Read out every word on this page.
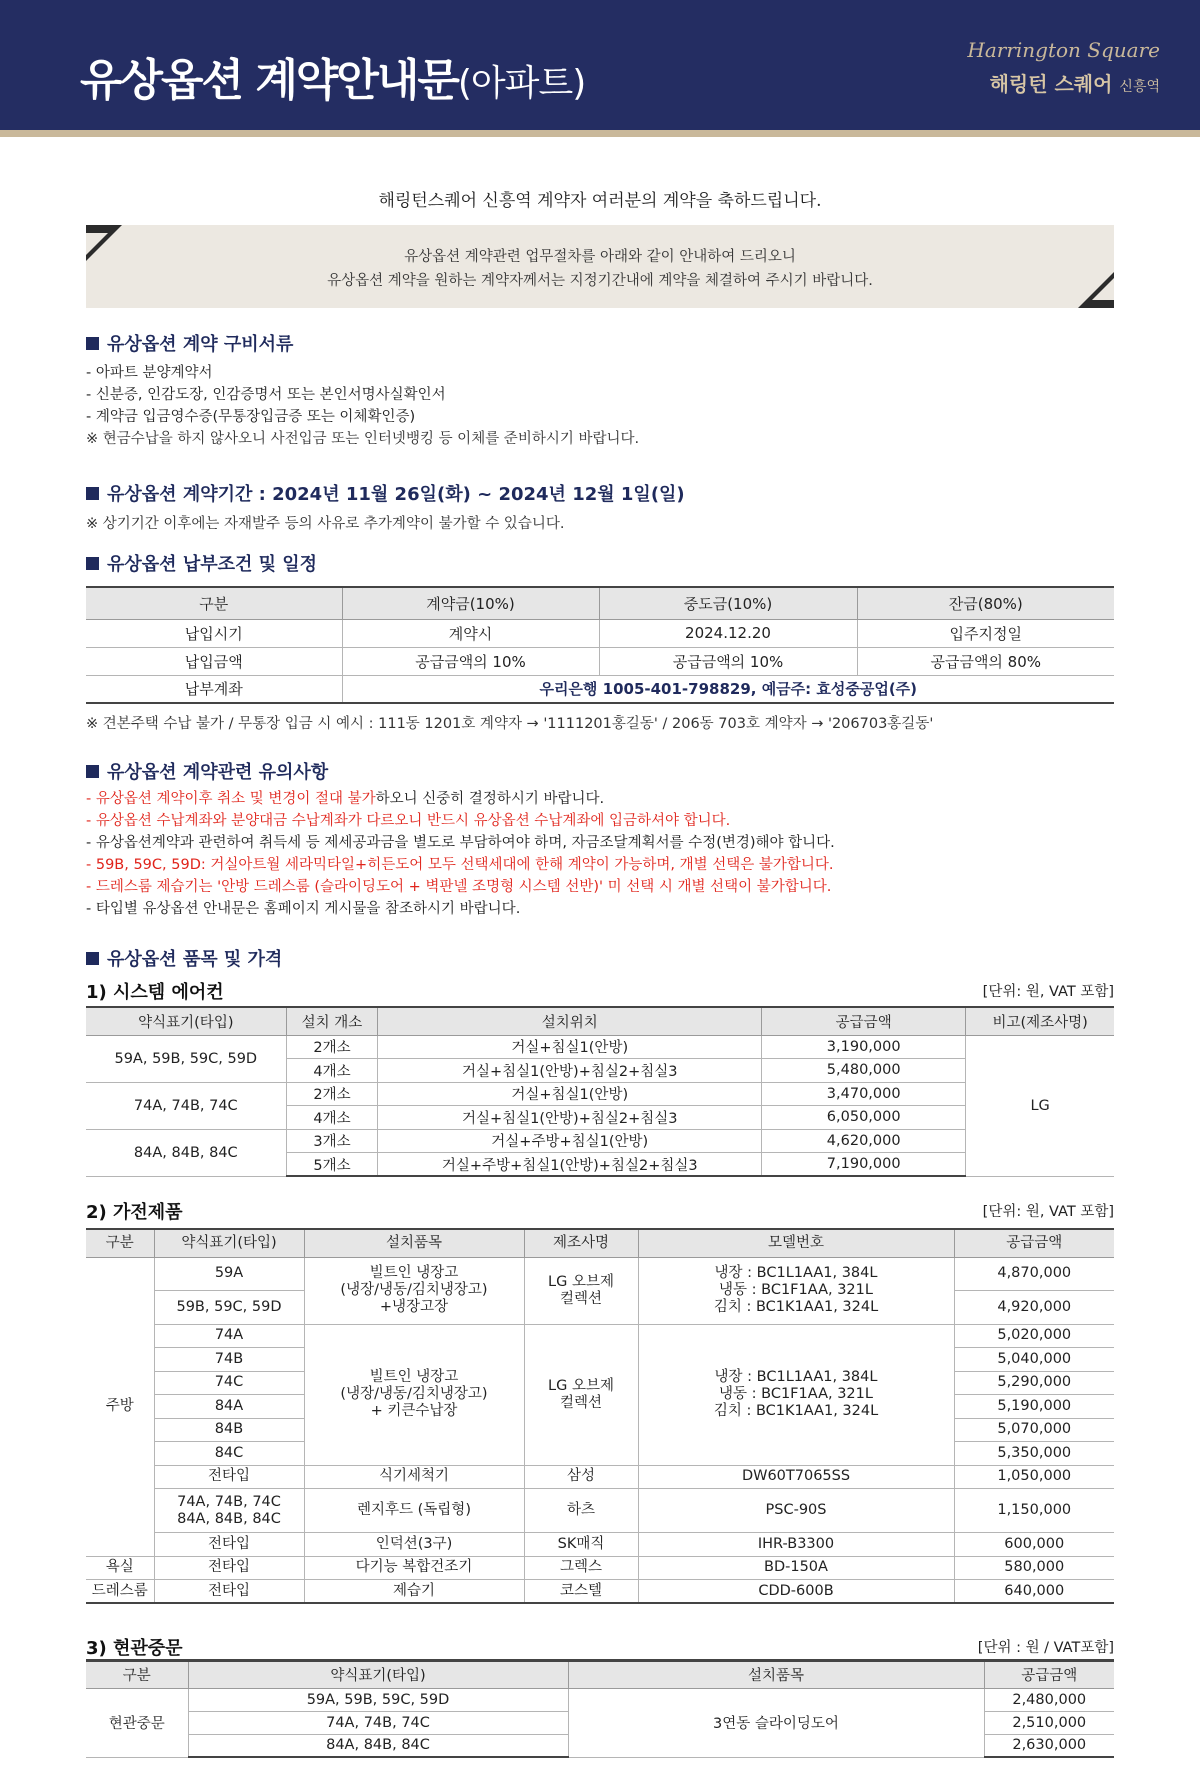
유상옵션 계약안내문(아파트)
Harrington Square
해링턴 스퀘어 신흥역
해링턴스퀘어 신흥역 계약자 여러분의 계약을 축하드립니다.
유상옵션 계약관련 업무절차를 아래와 같이 안내하여 드리오니
유상옵션 계약을 원하는 계약자께서는 지정기간내에 계약을 체결하여 주시기 바랍니다.
유상옵션 계약 구비서류
- 아파트 분양계약서
- 신분증, 인감도장, 인감증명서 또는 본인서명사실확인서
- 계약금 입금영수증(무통장입금증 또는 이체확인증)
※ 현금수납을 하지 않사오니 사전입금 또는 인터넷뱅킹 등 이체를 준비하시기 바랍니다.
유상옵션 계약기간 : 2024년 11월 26일(화) ~ 2024년 12월 1일(일)
※ 상기기간 이후에는 자재발주 등의 사유로 추가계약이 불가할 수 있습니다.
유상옵션 납부조건 및 일정
구분	계약금(10%)	중도금(10%)	잔금(80%)
납입시기	계약시	2024.12.20	입주지정일
납입금액	공급금액의 10%	공급금액의 10%	공급금액의 80%
납부계좌	우리은행 1005-401-798829, 예금주: 효성중공업(주)		
※ 견본주택 수납 불가 / 무통장 입금 시 예시 : 111동 1201호 계약자 → '1111201홍길동' / 206동 703호 계약자 → '206703홍길동'
유상옵션 계약관련 유의사항
- 유상옵션 계약이후 취소 및 변경이 절대 불가하오니 신중히 결정하시기 바랍니다.
- 유상옵션 수납계좌와 분양대금 수납계좌가 다르오니 반드시 유상옵션 수납계좌에 입금하셔야 합니다.
- 유상옵션계약과 관련하여 취득세 등 제세공과금을 별도로 부담하여야 하며, 자금조달계획서를 수정(변경)해야 합니다.
- 59B, 59C, 59D: 거실아트월 세라믹타일+히든도어 모두 선택세대에 한해 계약이 가능하며, 개별 선택은 불가합니다.
- 드레스룸 제습기는 '안방 드레스룸 (슬라이딩도어 + 벽판넬 조명형 시스템 선반)' 미 선택 시 개별 선택이 불가합니다.
- 타입별 유상옵션 안내문은 홈페이지 게시물을 참조하시기 바랍니다.
유상옵션 품목 및 가격
1) 시스템 에어컨	[단위: 원, VAT 포함]
약식표기(타입)	설치 개소	설치위치	공급금액	비고(제조사명)
59A, 59B, 59C, 59D	2개소	거실+침실1(안방)	3,190,000	LG
	4개소	거실+침실1(안방)+침실2+침실3	5,480,000	
74A, 74B, 74C	2개소	거실+침실1(안방)	3,470,000	
	4개소	거실+침실1(안방)+침실2+침실3	6,050,000	
84A, 84B, 84C	3개소	거실+주방+침실1(안방)	4,620,000	
	5개소	거실+주방+침실1(안방)+침실2+침실3	7,190,000	
2) 가전제품	[단위: 원, VAT 포함]
구분	약식표기(타입)	설치품목	제조사명	모델번호	공급금액
주방	59A	빌트인 냉장고
(냉장/냉동/김치냉장고)
+냉장고장	LG 오브제
컬렉션	냉장 : BC1L1AA1, 384L
냉동 : BC1F1AA, 321L
김치 : BC1K1AA1, 324L	4,870,000
	59B, 59C, 59D				4,920,000
	74A	빌트인 냉장고
(냉장/냉동/김치냉장고)
+ 키큰수납장	LG 오브제
컬렉션	냉장 : BC1L1AA1, 384L
냉동 : BC1F1AA, 321L
김치 : BC1K1AA1, 324L	5,020,000
	74B				5,040,000
	74C				5,290,000
	84A				5,190,000
	84B				5,070,000
	84C				5,350,000
	전타입	식기세척기	삼성	DW60T7065SS	1,050,000
	74A, 74B, 74C
84A, 84B, 84C	렌지후드 (독립형)	하츠	PSC-90S	1,150,000
	전타입	인덕션(3구)	SK매직	IHR-B3300	600,000
욕실	전타입	다기능 복합건조기	그렉스	BD-150A	580,000
드레스룸	전타입	제습기	코스텔	CDD-600B	640,000
3) 현관중문	[단위 : 원 / VAT포함]
구분	약식표기(타입)	설치품목	공급금액
현관중문	59A, 59B, 59C, 59D	3연동 슬라이딩도어	2,480,000
	74A, 74B, 74C		2,510,000
	84A, 84B, 84C		2,630,000
